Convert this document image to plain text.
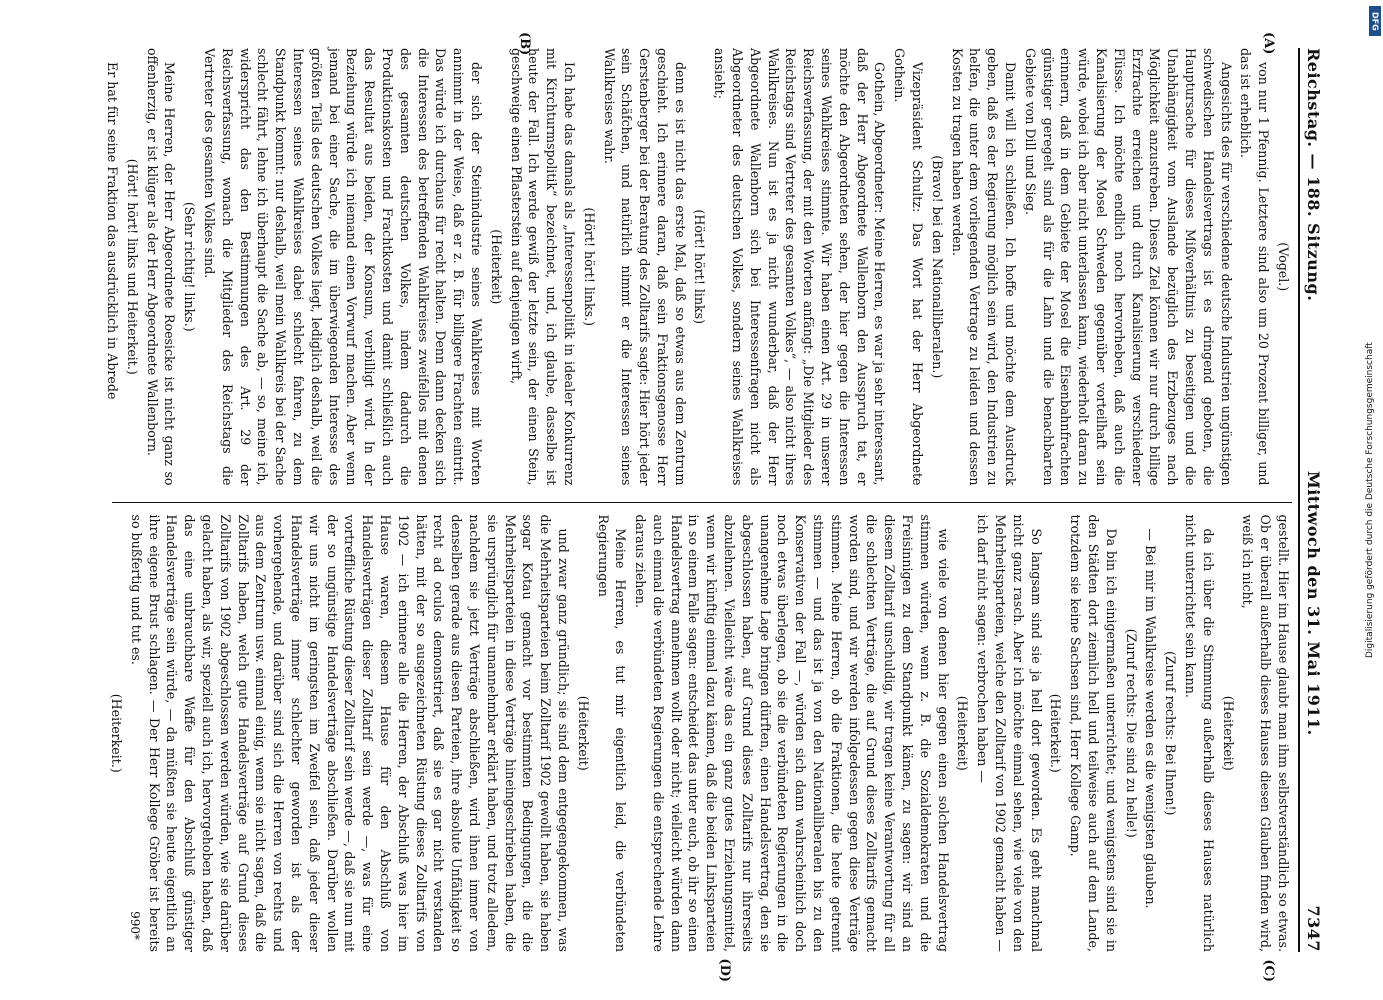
Reichstag. — 188. Sitzung.
Mittwoch den 31. Mai 1911.
7347
(A)
(B)

(Vogel.)

von nur 1 Pfennig. Letztere sind also um 20 Prozent billiger, und das ist erheblich.

Angesichts des für verschiedene deutsche Industrien ungünstigen schwedischen Handelsvertrags ist es dringend geboten, die Hauptursache für dieses Mißverhältnis zu beseitigen und die Unabhängigkeit vom Auslande bezüglich des Erzbezuges nach Möglichkeit anzustreben. Dieses Ziel können wir nur durch billige Erzfrachte erreichen und durch Kanalisierung verschiedener Flüsse. Ich möchte endlich noch hervorheben, daß auch die Kanalisierung der Mosel Schweden gegenüber vorteilhaft sein würde, wobei ich aber nicht unterlassen kann, wiederholt daran zu erinnern, daß in dem Gebiete der Mosel die Eisenbahnfrachten günstiger geregelt sind als für die Lahn und die benachbarten Gebiete von Dill und Sieg.

Damit will ich schließen. Ich hoffe und möchte dem Ausdruck geben, daß es der Regierung möglich sein wird, den Industrien zu helfen, die unter dem vorliegenden Vertrage zu leiden und dessen Kosten zu tragen haben werden.

(Bravo! bei den Nationalliberalen.)

Vizepräsident Schultz: Das Wort hat der Herr Abgeordnete Gothein.

Gothein, Abgeordneter: Meine Herren, es war ja sehr interessant, daß der Herr Abgeordnete Wallenborn den Ausspruch tat, er möchte den Abgeordneten sehen, der hier gegen die Interessen seines Wahlkreises stimmte. Wir haben einen Art. 29 in unserer Reichsverfassung, der mit den Worten anfängt: „Die Mitglieder des Reichstags sind Vertreter des gesamten Volkes“, — also nicht ihres Wahlkreises. Nun ist es ja nicht wunderbar, daß der Herr Abgeordnete Wallenborn sich bei Interessenfragen nicht als Abgeordneter des deutschen Volkes, sondern seines Wahlkreises ansieht;

(Hört! hört! links)

denn es ist nicht das erste Mal, daß so etwas aus dem Zentrum geschieht. Ich erinnere daran, daß sein Fraktionsgenosse Herr Gerstenberger bei der Beratung des Zolltarifs sagte: Hier hört jeder sein Schäfchen, und natürlich nimmt er die Interessen seines Wahlkreises wahr.

(Hört! hört! links.)

Ich habe das damals als „Interessenpolitik in idealer Konkurrenz mit Kirchturmspolitik“ bezeichnet, und, ich glaube, dasselbe ist heute der Fall. Ich werde gewiß der letzte sein, der einen Stein, geschweige einen Pflasterstein auf denjenigen wirft,

(Heiterkeit)

der sich der Steinindustrie seines Wahlkreises mit Worten annimmt in der Weise, daß er z. B. für billigere Frachten eintritt. Das würde ich durchaus für recht halten. Denn dann decken sich die Interessen des betreffenden Wahlkreises zweifellos mit denen des gesamten deutschen Volkes, indem dadurch die Produktionskosten und Frachtkosten und damit schließlich auch das Resultat aus beiden, der Konsum, verbilligt wird. In der Beziehung würde ich niemand einen Vorwurf machen. Aber wenn jemand bei einer Sache, die im überwiegenden Interesse des größten Teils des deutschen Volkes liegt, lediglich deshalb, weil die Interessen seines Wahlkreises dabei schlecht fahren, zu dem Standpunkt kommt: nur deshalb, weil mein Wahlkreis bei der Sache schlecht fährt, lehne ich überhaupt die Sache ab, — so, meine ich, widerspricht das den Bestimmungen des Art. 29 der Reichsverfassung, wonach die Mitglieder des Reichstags die Vertreter des gesamten Volkes sind.

(Sehr richtig! links.)

Meine Herren, der Herr Abgeordnete Roesicke ist nicht ganz so offenherzig, er ist klüger als der Herr Abgeordnete Wallenborn.

(Hört! hört! links und Heiterkeit.)

Er hat für seine Fraktion das ausdrücklich in Abrede

(C)
(D)
990*	gestellt. Hier im Hause glaubt man ihm selbstverständlich so etwas. Ob er überall außerhalb dieses Hauses diesen Glauben finden wird, weiß ich nicht,

(Heiterkeit)

da ich über die Stimmung außerhalb dieses Hauses natürlich nicht unterrichtet sein kann.

(Zuruf rechts: Bei Ihnen!)

— Bei mir im Wahlkreise werden es die wenigsten glauben.

(Zuruf rechts: Die sind zu helle!)

Da bin ich einigermaßen unterrichtet; und wenigstens sind sie in den Städten dort ziemlich hell und teilweise auch auf dem Lande, trotzdem sie keine Sachsen sind, Herr Kollege Gamp.

(Heiterkeit.)

So langsam sind sie ja hell dort geworden. Es geht manchmal nicht ganz rasch. Aber ich möchte einmal sehen, wie viele von den Mehrheitsparteien, welche den Zolltarif von 1902 gemacht haben — ich darf nicht sagen: verbrochen haben —

(Heiterkeit)

wie viele von denen hier gegen einen solchen Handelsvertrag stimmen würden, wenn z. B. die Sozialdemokraten und die Freisinnigen zu dem Standpunkt kämen, zu sagen: wir sind an diesem Zolltarif unschuldig, wir tragen keine Verantwortung für all die schlechten Verträge, die auf Grund dieses Zolltarifs gemacht worden sind, und wir werden infolgedessen gegen diese Verträge stimmen. Meine Herren, ob die Fraktionen, die heute getrennt stimmen — und das ist ja von den Nationalliberalen bis zu den Konservativen der Fall —, würden sich dann wahrscheinlich doch noch etwas überlegen, ob sie die verbündeten Regierungen in die unangenehme Lage bringen dürften, einen Handelsvertrag, den sie abgeschlossen haben, auf Grund dieses Zolltarifs nur ihrerseits abzulehnen. Vielleicht wäre das ein ganz gutes Erziehungsmittel, wenn wir künftig einmal dazu kämen, daß die beiden Linksparteien in so einem Falle sagen: entscheidet das unter euch, ob ihr so einen Handelsvertrag annehmen wollt oder nicht; vielleicht würden dann auch einmal die verbündeten Regierungen die entsprechende Lehre daraus ziehen.

Meine Herren, es tut mir eigentlich leid, die verbündeten Regierungen

(Heiterkeit)

und zwar ganz gründlich; sie sind dem entgegengekommen, was die Mehrheitsparteien beim Zolltarif 1902 gewollt haben, sie haben sogar Kotau gemacht vor bestimmten Bedingungen, die die Mehrheitsparteien in diese Verträge hineingeschrieben haben, die sie ursprünglich für unannehmbar erklärt haben, und trotz alledem, nachdem sie jetzt Verträge abschließen, wird ihnen immer von denselben gerade aus diesen Parteien, ihre absolute Unfähigkeit so recht ad oculos demonstriert, daß sie es gar nicht verstanden hätten, mit der so ausgezeichneten Rüstung dieses Zolltarifs von 1902 — ich erinnere alle die Herren, der Abschluß was hier im Hause waren, diesem Hause für den Abschluß von Handelsverträgen dieser Zolltarif sein werde —, was für eine vortreffliche Rüstung dieser Zolltarif sein werde —, daß sie nun mit der so ungünstige Handelsverträge abschließen. Darüber wollen wir uns nicht im geringsten im Zweifel sein, daß jeder dieser Handelsverträge immer schlechter geworden ist als der vorhergehende, und darüber sind sich die Herren von rechts und aus dem Zentrum usw. einmal einig, wenn sie nicht sagen, daß die Zolltarifs haben, welch gute Handelsverträge auf Grund dieses Zolltarifs von 1902 abgeschlossen werden würden, wie sie darüber gelacht haben, als wir, speziell auch ich, hervorgehoben haben, daß das eine unbrauchbare Waffe für den Abschluß günstiger Handelsverträge sein würde, — da müßten sie heute eigentlich an ihre eigene Brust schlagen. — Der Herr Kollege Gröber ist bereits so bußfertig und tut es.

(Heiterkeit.)

DFG
Digitalisierung gefördert durch die Deutsche Forschungsgemeinschaft
